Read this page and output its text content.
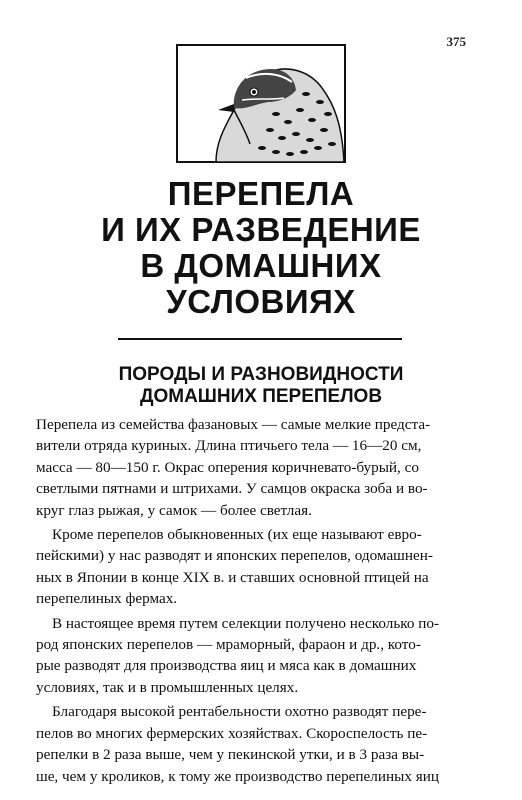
375
ПЕРЕПЕЛА
И ИХ РАЗВЕДЕНИЕ
В ДОМАШНИХ
УСЛОВИЯХ
ПОРОДЫ И РАЗНОВИДНОСТИ
ДОМАШНИХ ПЕРЕПЕЛОВ

Перепела из семейства фазановых — самые мелкие предста-
вители отряда куриных. Длина птичьего тела — 16—20 см,
масса — 80—150 г. Окрас оперения коричневато-бурый, со
светлыми пятнами и штрихами. У самцов окраска зоба и во-
круг глаз рыжая, у самок — более светлая.

Кроме перепелов обыкновенных (их еще называют евро-
пейскими) у нас разводят и японских перепелов, одомашнен-
ных в Японии в конце XIX в. и ставших основной птицей на
перепелиных фермах.

В настоящее время путем селекции получено несколько по-
род японских перепелов — мраморный, фараон и др., кото-
рые разводят для производства яиц и мяса как в домашних
условиях, так и в промышленных целях.

Благодаря высокой рентабельности охотно разводят пере-
пелов во многих фермерских хозяйствах. Скороспелость пе-
репелки в 2 раза выше, чем у пекинской утки, и в 3 раза вы-
ше, чем у кроликов, к тому же производство перепелиных яиц
